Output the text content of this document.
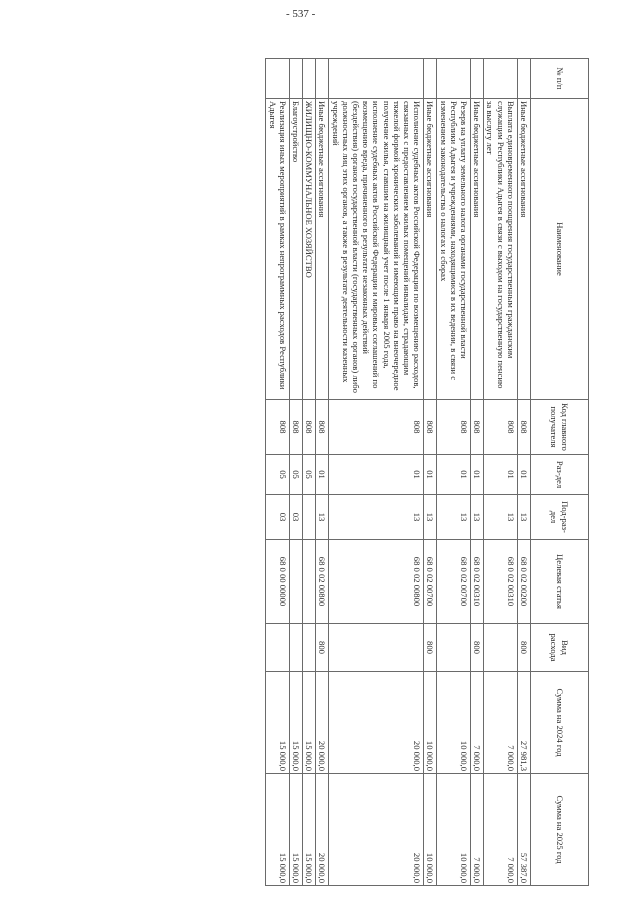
- 537 -
№ п/п	Наименование	Код главного получателя	Раз-дел	Под-раз-дел	Целевая статья	Вид расхода	Сумма на 2024 год	Сумма на 2025 год
	Иные бюджетные ассигнования	808	01	13	68 0 02 00200	800	27 981,3	57 387,0
	Выплата единовременного поощрения государственным гражданским служащим Республики Адыгея в связи с выходом на государственную пенсию за выслугу лет	808	01	13	68 0 02 00310		7 000,0	7 000,0
	Иные бюджетные ассигнования	808	01	13	68 0 02 00310	800	7 000,0	7 000,0
	Резерв на уплату земельного налога органами государственной власти Республики Адыгея и учреждениями, находящимися в их ведении, в связи с изменением законодательства о налогах и сборах	808	01	13	68 0 02 00700		10 000,0	10 000,0
	Иные бюджетные ассигнования	808	01	13	68 0 02 00700	800	10 000,0	10 000,0
	Исполнение судебных актов Российской Федерации по возмещению расходов, связанных с предоставлением жилых помещений инвалидам, страдающим тяжелой формой хронических заболеваний и имеющим право на внеочередное получение жилья, ставшим на жилищный учет после 1 января 2005 года, исполнение судебных актов Российской Федерации и мировых соглашений по возмещению вреда, причиненного в результате незаконных действий (бездействия) органов государственной власти (государственных органов) либо должностных лиц этих органов, а также в результате деятельности казенных учреждений	808	01	13	68 0 02 00800		20 000,0	20 000,0
	Иные бюджетные ассигнования	808	01	13	68 0 02 00800	800	20 000,0	20 000,0
	ЖИЛИЩНО-КОММУНАЛЬНОЕ ХОЗЯЙСТВО	808	05				15 000,0	15 000,0
	Благоустройство	808	05	03			15 000,0	15 000,0
	Реализация иных мероприятий в рамках непрограммных расходов Республики Адыгея	808	05	03	68 0 00 00000		15 000,0	15 000,0
